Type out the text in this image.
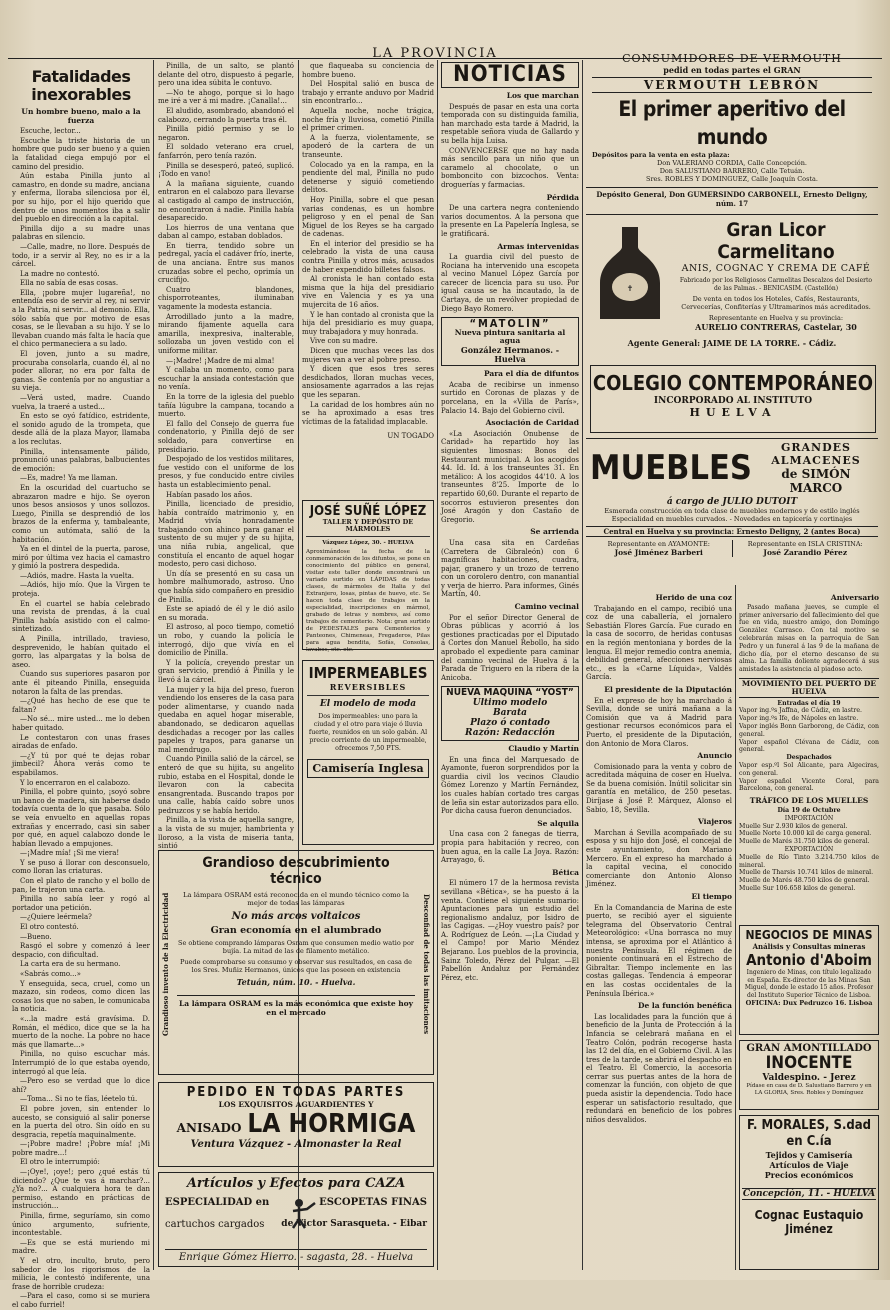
LA PROVINCIA
Fatalidades inexorables
Un hombre bueno, malo a la fuerza

Escuche, lector...

Escuche la triste historia de un hombre que pudo ser bueno y a quien la fatalidad ciega empujó por el camino del presidio.

Aún estaba Pinilla junto al camastro, en donde su madre, anciana y enferma, lloraba silenciosa por él, por su hijo, por el hijo querido que dentro de unos momentos iba a salir del pueblo en dirección a la capital.

Pinilla dijo a su madre unas palabras en silencio.

—Calle, madre, no llore. Después de todo, ir a servir al Rey, no es ir a la cárcel.

La madre no contestó.

Ella no sabía de esas cosas.

Ella, ¡pobre mujer lugareña!, no entendía eso de servir al rey, ni servir a la Patria, ni servir... al demonio. Ella, sólo sabía que por motivo de esas cosas, se le llevaban a su hijo. Y se lo llevaban cuando más falta le hacía que el chico permaneciera a su lado.

El joven, junto a su madre, procuraba consolarla, cuando él, al no poder allorar, no era por falta de ganas. Se contenía por no angustiar a su vieja.

—Verá usted, madre. Cuando vuelva, la traeré a usted...

En esto se oyó fatídico, estridente, el sonido agudo de la trompeta, que desde allá de la plaza Mayor, llamaba a los reclutas.

Pinilla, intensamente pálido, pronunció unas palabras, balbucientes de emoción:

—Es, madre! Ya me llaman.

En la oscuridad del cuartucho se abrazaron madre e hijo. Se oyeron unos besos ansiosos y unos sollozos. Luego, Pinilla se desprendió de los brazos de la enferma y, tambaleante, como un autómata, salió de la habitación.

Ya en el dintel de la puerta, parose, miró por última vez hacia el camastro y gimió la postrera despedida.

—Adiós, madre. Hasta la vuelta.

—Adiós, hijo mío. Que la Virgen te proteja.

En el cuartel se había celebrado una revista de prendas, á la cual Pinilla había asistido con el calmo-sintetizado.

A Pinilla, intrillado, travieso, desprevenido, le habían quitado el gorro, las alpargatas y la bolsa de aseo.

Cuando sus superiores pasaron por ante él piteando Pinilla, enseguida notaron la falta de las prendas.

—¿Qué has hecho de ese que te faltan?

—No sé... mire usted... me lo deben haber quitado.

Le contestaron con unas frases airadas de enfado.

—¿Y tú por qué te dejas robar jimbecil? Ahora verás como te espabilamos.

Y lo encerraron en el calabozo.

Pinilla, el pobre quinto, ¡soyó sobre un banco de madera, sin haberse dado todavía cuenta de lo que pasaba. Sólo se veía envuelto en aquellas ropas extrañas y encerrado, casi sin saber por qué, en aquel calabozo donde le habían llevado a empujones.

—¡Madre mía! ¡Si me viera!

Y se puso á llorar con desconsuelo, como lloran las criaturas.

Con el plato de rancho y el bollo de pan, le trajeron una carta.

Pinilla no sabía leer y rogó al portador una petición.

—¿Quiere leérmela?

El otro contestó.

—Bueno.

Rasgó el sobre y comenzó á leer despacio, con dificultad.

La carta era de su hermano.

«Sabrás como...»

Y enseguida, seca, cruel, como un mazazo, sin rodeos, como dicen las cosas los que no saben, le comunicaba la noticia.

«...la madre está gravísima. D. Román, el médico, dice que se la ha muerto de la noche. La pobre no hace más que llamarte...»

Pinilla, no quiso escuchar más. Interrumpió de lo que estaba oyendo, interrogó al que leía.

—Pero eso se verdad que lo dice ahí?

—Toma... Si no te fías, léetelo tú.

El pobre joven, sin entender lo aucesto, se consiguió al salir ponerse en la puerta del otro. Sin oído en su desgracia, repetía maquinalmente.

—¡Pobre madre! ¡Pobre mía! ¡Mi pobre madre...!

El otro le interrumpió:

—¡Oye!, ¡oye!; pero ¿qué estás tú diciendo? ¿Que te vas á marchar?... ¿Ya no?... A cualquiera hora te dan permiso, estando en prácticas de instrucción...

Pinilla, firme, seguríamo, sin como único argumento, sufriente, incontestable.

—Es que se está muriendo mi madre.

Y el otro, inculto, bruto, pero sabedor de los rigorismos de la milicia, le contestó indiferente, una frase de horrible crudeza:

—Para el caso, como si se muriera el cabo furriel!

Pinilla, de un salto, se plantó delante del otro, dispuesto á pegarle, pero una idea súbita le contuvo.

—No te ahogo, porque si lo hago me iré a ver á mi madre. ¡Canalla!...

El aludido, asombrado, abandonó el calabozo, cerrando la puerta tras él.

Pinilla pidió permiso y se lo negaron.

El soldado veterano era cruel, fanfarrón, pero tenía razón.

Pinilla se desesperó, pateó, suplicó. ¡Todo en vano!

A la mañana siguiente, cuando entraron en el calabozo para llevarse al castigado al campo de instrucción, no encontraron á nadie. Pinilla había desaparecido.

Los hierros de una ventana que daban al campo, estaban doblados.

En tierra, tendido sobre un pedregal, yacía el cadáver frío, inerte, de una anciana. Entre sus manos cruzadas sobre el pecho, oprimía un crucifijo.

Cuatro blandones, chisporroteantes, iluminaban vagamente la modesta estancia.

Arrodillado junto a la madre, mirando fijamente aquella cara amarilla, inexpresiva, inalterable, sollozaba un joven vestido con el uniforme militar.

—¡Madre! ¡Madre de mi alma!

Y callaba un momento, como para escuchar la ansiada contestación que no venía.

En la torre de la iglesia del pueblo tañía lúgubre la campana, tocando a muerto.

El fallo del Consejo de guerra fue condenatorio, y Pinilla dejó de ser soldado, para convertirse en presidiario.

Despojado de los vestidos militares, fue vestido con el uniforme de los presos, y fue conducido entre civiles hasta un establecimiento penal.

Habían pasado los años.

Pinilla, licenciado de presidio, había contraído matrimonio y, en Madrid vivía honradamente trabajando con ahinco para ganar el sustento de su mujer y de su hijita, una niña rubia, angelical, que constituía el encanto de aquel hogar modesto, pero casi dichoso.

Un día se presentó en su casa un hombre malhumorado, astroso. Uno que había sido compañero en presidio de Pinilla.

Este se apiadó de él y le dió asilo en su morada.

El astroso, al poco tiempo, cometió un robo, y cuando la policía le interrogó, dijo que vivía en el domicilio de Pinilla.

Y la policía, creyendo prestar un gran servicio, prendió á Pinilla y le llevó á la cárcel.

La mujer y la hija del preso, fueron vendiendo los enseres de la casa para poder alimentarse, y cuando nada quedaba en aquel hogar miserable, abandonado, se dedicaron aquellas desdichadas a recoger por las calles papeles y trapos, para ganarse un mal mendrugo.

Cuando Pinilla salió de la cárcel, se enteró de que su hijita, su angelito rubio, estaba en el Hospital, donde le llevaron con la cabecita ensangrentada. Buscando trapos por una calle, había caído sobre unos pedruzcos y se había herido.

Pinilla, a la vista de aquella sangre, a la vista de su mujer, hambrienta y lloroso, a la vista de miseria tanta, sintió

que flaqueaba su conciencia de hombre bueno.

Del Hospital salió en busca de trabajo y errante anduvo por Madrid sin encontrarlo...

Aquella noche, noche trágica, noche fría y lluviosa, cometió Pinilla el primer crimen.

A la fuerza, violentamente, se apoderó de la cartera de un transeunte.

Colocado ya en la rampa, en la pendiente del mal, Pinilla no pudo detenerse y siguió cometiendo delitos.

Hoy Pinilla, sobre el que pesan varias condenas, es un hombre peligroso y en el penal de San Miguel de los Reyes se ha cargado de cadenas.

En el interior del presidio se ha celebrado la vista de una causa contra Pinilla y otros más, acusados de haber expendido billetes falsos.

Al cronista le han contado esta misma que la hija del presidiario vive en Valencia y es ya una mujercita de 16 años.

Y le han contado al cronista que la hija del presidiario es muy guapa, muy trabajadora y muy honrada.

Vive con su madre.

Dicen que muchas veces las dos mujeres van a ver al pobre preso.

Y dicen que esos tres seres desdichados, lloran muchas veces, ansiosamente agarrados a las rejas que les separan.

La caridad de los hombres aún no se ha aproximado a esas tres víctimas de la fatalidad implacable.

UN TOGADO
JOSÉ SUÑÉ LÓPEZ
TALLER Y DEPÓSITO DE MÁRMOLES
Vázquez López, 30. - HUELVA
Aproximándose la fecha de la conmemoración de los difuntos, se pone en conocimiento del público en general, visitar este taller donde encontrará un variado surtido en LÁPIDAS de todas clases, de mármoles de Italia y del Extranjero, losas, pintas de huevo, etc. Se hacen toda clase de trabajos en la especialidad, inscripciones en mármol, grabado de letras y nombres, así como trabajos de cementerio. Nota: gran surtido de PEDESTALES para Cementerios y Panteones, Chimeneas, Fregaderos, Pilas para agua bendita, Sofás, Consolas, lavabos, etc. etc.
IMPERMEABLES
REVERSIBLES
El modelo de moda
Dos impermeables: uno para la ciudad y el otro para viaje ó lluvia fuerte, reunidos en un solo gabán. Al precio corriente de un impermeable, ofrecemos 7,50 PTS.
Camisería Inglesa
Grandioso invento de la Electricidad	Desconfiad de todas las imitaciones
Grandioso descubrimiento técnico
La lámpara OSRAM está reconocida en el mundo técnico como la mejor de todas las lámparas
No más arcos voltaicos
Gran economía en el alumbrado
Se obtiene comprando lámparas Osram que consumen medio watio por bujía. La mitad de las de filamento metálico.
Puede comprobarse su consumo y observar sus resultados, en casa de los Sres. Muñiz Hermanos, únicos que las poseen en existencia
Tetuán, núm. 10. - Huelva.
La lámpara OSRAM es la más económica que existe hoy en el mercado
PEDIDO EN TODAS PARTES
LOS EXQUISITOS AGUARDIENTES Y
ANISADO LA HORMIGA
Ventura Vázquez - Almonaster la Real
Artículos y Efectos para CAZA
ESPECIALIDAD en	ESCOPETAS FINAS
cartuchos cargados de Victor Sarasqueta. - Eibar
Enrique Gómez Hierro. - sagasta, 28. - Huelva
NOTICIAS
Los que marchan

Después de pasar en esta una corta temporada con su distinguida familia, han marchado esta tarde á Madrid, la respetable señora viuda de Gallardo y su bella hija Luisa.

CONVENCERSE que no hay nada más sencillo para un niño que un caramelo al chocolate, o un bomboncito con bizcochos. Venta: droguerías y farmacias.

Pérdida

De una cartera negra conteniendo varios documentos. A la persona que la presente en La Papelería Inglesa, se le gratificará.

Armas intervenidas

La guardia civil del puesto de Rociana ha intervenido una escopeta al vecino Manuel López García por carecer de licencia para su uso. Por igual causa se ha incautado, la de Cartaya, de un revólver propiedad de Diego Bayo Romero.

“MATOLÍN”
Nueva pintura sanitaria al agua
González Hermanos. - Huelva
Para el día de difuntos

Acaba de recibirse un inmenso surtido en Coronas de plazas y de porcelana, en la «Villa de París», Palacio 14. Bajo del Gobierno civil.

Asociación de Caridad

«La Asociación Onubense de Caridad» ha repartido hoy las siguientes limosnas: Bonos del Restaurant municipal. A los acogidos 44. Id. Id. á los transeuntes 31. En metálico: A los acogidos 44'10. A los transeuntes 8'25. Importe de lo repartido 60,60. Durante el reparto de socorros estuvieron presentes don José Aragón y don Castaño de Gregorio.

Se arrienda

Una casa sita en Cardeñas (Carretera de Gibraleón) con 6 magníficas habitaciones, cuadra, pajar, granero y un trozo de terreno con un corolero dentro, con manantial y verja de hierro. Para informes, Ginés Martín, 40.

Camino vecinal

Por el señor Director General de Obras públicas y acorrió á los gestiones practicadas por el Diputado á Cortes don Manuel Rebollo, ha sido aprobado el expediente para caminar del camino vecinal de Huelva á la Parada de Triguero en la ribera de la Anicoba.

NUEVA MAQUINA “YOST”
Ultimo modelo
Barata
Plazo ó contado
Razón: Redacción
Claudio y Martín

En una finca del Marquesado de Ayamonte, fueron sorprendidos por la guardia civil los vecinos Claudio Gómez Lorenzo y Martín Fernández, los cuales habían cortado tres cargas de leña sin estar autorizados para ello. Por dicha causa fueron denunciados.

Se alquila

Una casa con 2 fanegas de tierra, propia para habitación y recreo, con buen agua, en la calle La Joya. Razón: Arrayago, 6.

Bética

El número 17 de la hermosa revista sevillana «Bética», se ha puesto á la venta. Contiene el siguiente sumario: Apuntaciones para un estudio del regionalismo andaluz, por Isidro de las Cagigas. —¿Hoy vuestro país? por A. Rodríguez de León. —¡La Ciudad y el Campo! por Mario Méndez Bejarano. Los pueblos de la provincia, Sainz Toledo, Pérez del Pulgar. —El Pabellón Andaluz por Fernández Pérez, etc.

CONSUMIDORES DE VERMOUTH
pedid en todas partes el GRAN
VERMOUTH LEBRÓN
El primer aperitivo del mundo
Depósitos para la venta en esta plaza:
Don VALERIANO CORDIA, Calle Concepción.
Don SALUSTIANO BARRERO, Calle Tetuán.
Sres. ROBLES Y DOMINGUEZ, Calle Joaquín Costa.
Depósito General, Don GUMERSINDO CARBONELL, Ernesto Deligny, núm. 17
✝
Gran Licor Carmelitano
ANIS, COGNAC Y CREMA DE CAFÉ
Fabricado por los Religiosos Carmelitas Descalzos del Desierto de las Palmas. - BENICASIM. (Castellón)
De venta en todos los Hoteles, Cafés, Restaurants, Cervecerías, Confiterías y Ultramarinos más acreditados.
Representante en Huelva y su provincia:
AURELIO CONTRERAS, Castelar, 30
Agente General: JAIME DE LA TORRE. - Cádiz.
COLEGIO CONTEMPORÁNEO
INCORPORADO AL INSTITUTO
HUELVA
MUEBLES
GRANDES ALMACENES
de SIMÓN MARCO
á cargo de JULIO DUTOIT
Esmerada construcción en toda clase de muebles modernos y de estilo inglés
Especialidad en muebles curvados. - Novedades en tapicería y cortinajes
Central en Huelva y su provincia: Ernesto Deligny, 2 (antes Boca)
Representante en AYAMONTE:
José Jiménez Barberi
Representante en ISLA CRISTINA:
José Zarandio Pérez
Herido de una coz

Trabajando en el campo, recibió una coz de una caballería, el jornalero Sebastián Flores García. Fue curado en la casa de socorro, de heridas contusas en la región mentoniana y bordes de la lengua. El mejor remedio contra anemia, debilidad general, afecciones nerviosas etc., es la «Carne Líquida», Valdés García.

El presidente de la Diputación

En el expreso de hoy ha marchado á Sevilla, donde se unirá mañana a la Comisión que va á Madrid para gestionar recursos económicos para el Puerto, el presidente de la Diputación, don Antonio de Mora Claros.

Anuncio

Comisionado para la venta y cobro de acreditada máquina de coser en Huelva. Se da buena comisión. Inútil solicitar sin garantía en metálico, de 250 pesetas. Diríjase á José P. Márquez, Alonso el Sabio, 18, Sevilla.

Viajeros

Marchan á Sevilla acompañado de su esposa y su hijo don José, el concejal de este ayuntamiento, don Mariano Mercero. En el expreso ha marchado á la capital vecina, el conocido comerciante don Antonio Alonso Jiménez.

El tiempo

En la Comandancia de Marina de este puerto, se recibió ayer el siguiente telegrama del Observatorio Central Meteorológico: «Una borrasca no muy intensa, se aproxima por el Atlántico á nuestra Península. El régimen de poniente continuará en el Estrecho de Gibraltar. Tiempo inclemente en las costas gallegas. Tendencia á empeorar en las costas occidentales de la Península Ibérica.»

De la función benéfica

Las localidades para la función que á beneficio de la Junta de Protección á la Infancia se celebrará mañana en el Teatro Colón, podrán recogerse hasta las 12 del día, en el Gobierno Civil. A las tres de la tarde, se abrirá el despacho en el Teatro. El Comercio, la accesoria cerrar sus puertas antes de la hora de comenzar la función, con objeto de que pueda asistir la dependencia. Todo hace esperar un satisfactorio resultado, que redundará en beneficio de los pobres niños desvalidos.

Aniversario

Pasado mañana jueves, se cumple el primer aniversario del fallecimiento del que fue en vida, nuestro amigo, don Domingo González Carrasco. Con tal motivo se celebrarán misas en la parroquia de San Pedro y un funeral á las 9 de la mañana de dicho día, por el eterno descanso de su alma. La familia doliente agradecerá á sus amistades la asistencia al piadoso acto.

MOVIMIENTO DEL PUERTO DE HUELVA
Entradas el día 19
Vapor ing.ºs Jaffna, de Cádiz, en lastre.
Vapor ing.ºs Ife, de Nápoles en lastre.
Vapor inglés Bonn Garborong, de Cádiz, con general.
Vapor español Clévana de Cádiz, con general.
Despachados
Vapor esp.ºl Sol Alicante, para Algeciras, con general.
Vapor español Vicente Coral, para Barcelona, con general.
TRÁFICO DE LOS MUELLES
Día 19 de Octubre
IMPORTACIÓN
Muelle Sur 2.930 kilos de general.
Muelle Norte 10.000 kil de carga general.
Muelle de Marés 31.750 kilos de general.
EXPORTACIÓN
Muelle de Río Tinto 3.214.750 kilos de mineral.
Muelle de Tharsis 10.741 kilos de mineral.
Muelle de Marés 48.750 kilos de general.
Muelle Sur 106.658 kilos de general.
NEGOCIOS DE MINAS
Análisis y Consultas mineras
Antonio d'Aboim
Ingeniero de Minas, con título legalizado en España. Ex-director de las Minas San Miguel, donde le estado 15 años. Profesor del Instituto Superior Técnico de Lisboa.
OFICINA: Dux Pedruzco 16. Lisboa
GRAN AMONTILLADO
INOCENTE
Valdespino. - Jerez
Pídase en casa de D. Salustiano Barrero y en LA GLORIA, Sres. Robles y Domínguez
F. MORALES, S.dad en C.ía
Tejidos y Camisería
Artículos de Viaje
Precios económicos
Concepción, 11. - HUELVA
Cognac Eustaquio Jiménez
